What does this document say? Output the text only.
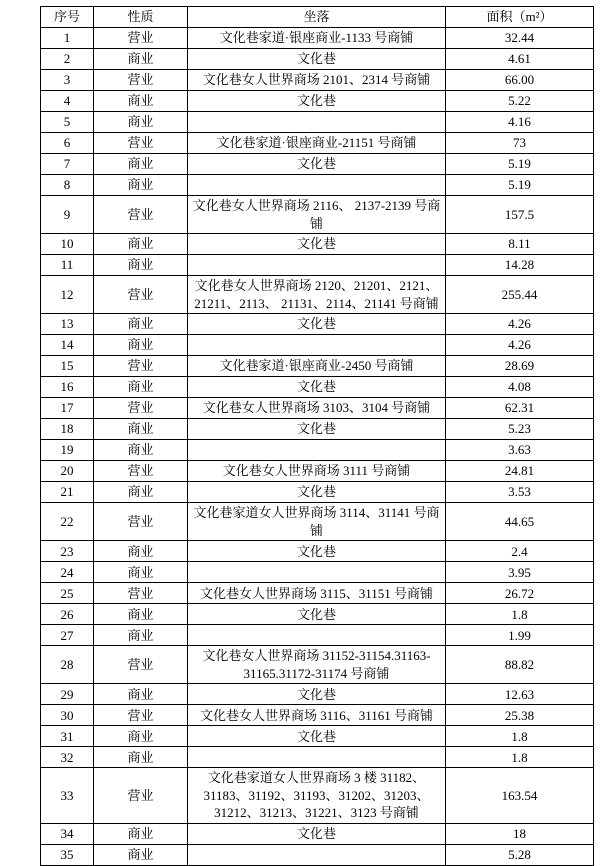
序号	性质	坐落	面积（m²）
1	营业	文化巷家道·银座商业-1133 号商铺	32.44
2	商业	文化巷	4.61
3	营业	文化巷女人世界商场 2101、2314 号商铺	66.00
4	商业	文化巷	5.22
5	商业		4.16
6	营业	文化巷家道·银座商业-21151 号商铺	73
7	商业	文化巷	5.19
8	商业		5.19
9	营业	文化巷女人世界商场 2116、 2137-2139 号商铺	157.5
10	商业	文化巷	8.11
11	商业		14.28
12	营业	文化巷女人世界商场 2120、21201、2121、21211、2113、 21131、2114、21141 号商铺	255.44
13	商业	文化巷	4.26
14	商业		4.26
15	营业	文化巷家道·银座商业-2450 号商铺	28.69
16	商业	文化巷	4.08
17	营业	文化巷女人世界商场 3103、3104 号商铺	62.31
18	商业	文化巷	5.23
19	商业		3.63
20	营业	文化巷女人世界商场 3111 号商铺	24.81
21	商业	文化巷	3.53
22	营业	文化巷家道女人世界商场 3114、31141 号商铺	44.65
23	商业	文化巷	2.4
24	商业		3.95
25	营业	文化巷女人世界商场 3115、31151 号商铺	26.72
26	商业	文化巷	1.8
27	商业		1.99
28	营业	文化巷女人世界商场 31152-31154.31163-31165.31172-31174 号商铺	88.82
29	商业	文化巷	12.63
30	营业	文化巷女人世界商场 3116、31161 号商铺	25.38
31	商业	文化巷	1.8
32	商业		1.8
33	营业	文化巷家道女人世界商场 3 楼 31182、 31183、31192、31193、31202、31203、31212、31213、31221、3123 号商铺	163.54
34	商业	文化巷	18
35	商业		5.28
